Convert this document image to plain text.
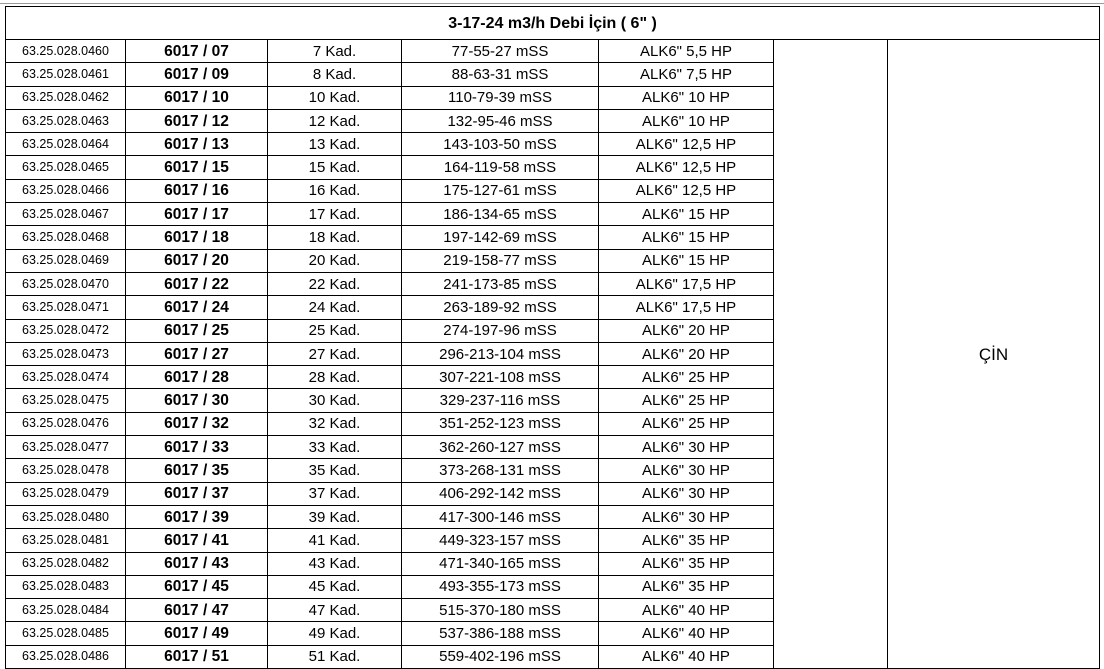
3-17-24 m3/h Debi İçin ( 6" )						
63.25.028.0460	6017 / 07	7 Kad.	77-55-27 mSS	ALK6" 5,5 HP		ÇİN
63.25.028.0461	6017 / 09	8 Kad.	88-63-31 mSS	ALK6" 7,5 HP		
63.25.028.0462	6017 / 10	10 Kad.	110-79-39 mSS	ALK6" 10 HP		
63.25.028.0463	6017 / 12	12 Kad.	132-95-46 mSS	ALK6" 10 HP		
63.25.028.0464	6017 / 13	13 Kad.	143-103-50 mSS	ALK6" 12,5 HP		
63.25.028.0465	6017 / 15	15 Kad.	164-119-58 mSS	ALK6" 12,5 HP		
63.25.028.0466	6017 / 16	16 Kad.	175-127-61 mSS	ALK6" 12,5 HP		
63.25.028.0467	6017 / 17	17 Kad.	186-134-65 mSS	ALK6" 15 HP		
63.25.028.0468	6017 / 18	18 Kad.	197-142-69 mSS	ALK6" 15 HP		
63.25.028.0469	6017 / 20	20 Kad.	219-158-77 mSS	ALK6" 15 HP		
63.25.028.0470	6017 / 22	22 Kad.	241-173-85 mSS	ALK6" 17,5 HP		
63.25.028.0471	6017 / 24	24 Kad.	263-189-92 mSS	ALK6" 17,5 HP		
63.25.028.0472	6017 / 25	25 Kad.	274-197-96 mSS	ALK6" 20 HP		
63.25.028.0473	6017 / 27	27 Kad.	296-213-104 mSS	ALK6" 20 HP		
63.25.028.0474	6017 / 28	28 Kad.	307-221-108 mSS	ALK6" 25 HP		
63.25.028.0475	6017 / 30	30 Kad.	329-237-116 mSS	ALK6" 25 HP		
63.25.028.0476	6017 / 32	32 Kad.	351-252-123 mSS	ALK6" 25 HP		
63.25.028.0477	6017 / 33	33 Kad.	362-260-127 mSS	ALK6" 30 HP		
63.25.028.0478	6017 / 35	35 Kad.	373-268-131 mSS	ALK6" 30 HP		
63.25.028.0479	6017 / 37	37 Kad.	406-292-142 mSS	ALK6" 30 HP		
63.25.028.0480	6017 / 39	39 Kad.	417-300-146 mSS	ALK6" 30 HP		
63.25.028.0481	6017 / 41	41 Kad.	449-323-157 mSS	ALK6" 35 HP		
63.25.028.0482	6017 / 43	43 Kad.	471-340-165 mSS	ALK6" 35 HP		
63.25.028.0483	6017 / 45	45 Kad.	493-355-173 mSS	ALK6" 35 HP		
63.25.028.0484	6017 / 47	47 Kad.	515-370-180 mSS	ALK6" 40 HP		
63.25.028.0485	6017 / 49	49 Kad.	537-386-188 mSS	ALK6" 40 HP		
63.25.028.0486	6017 / 51	51 Kad.	559-402-196 mSS	ALK6" 40 HP		
